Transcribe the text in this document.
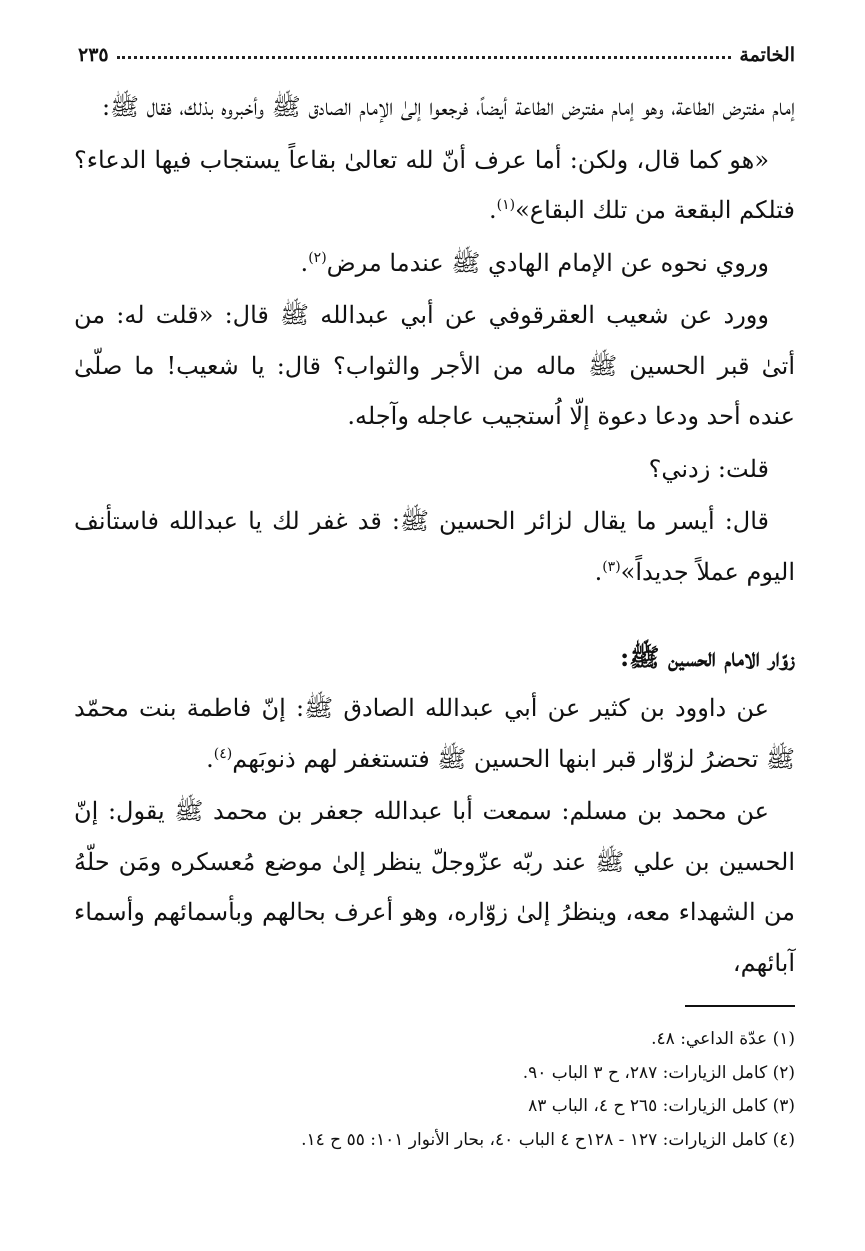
الخاتمة
٢٣٥

إمام مفترض الطاعة، وهو إمام مفترض الطاعة أيضاً، فرجعوا إلىٰ الإمام الصادق ﷺ وأخبروه بذلك، فقال ﷺ:

«هو كما قال، ولكن: أما عرف أنّ لله تعالىٰ بقاعاً يستجاب فيها الدعاء؟ فتلكم البقعة من تلك البقاع»$^{(١)}$.

وروي نحوه عن الإمام الهادي ﷺ عندما مرض$^{(٢)}$.

وورد عن شعيب العقرقوفي عن أبي عبدالله ﷺ قال: «قلت له: من أتىٰ قبر الحسين ﷺ ماله من الأجر والثواب؟ قال: يا شعيب! ما صلّىٰ عنده أحد ودعا دعوة إلّا اُستجيب عاجله وآجله.

قلت: زدني؟

قال: أيسر ما يقال لزائر الحسين ﷺ: قد غفر لك يا عبدالله فاستأنف اليوم عملاً جديداً»$^{(٣)}$.

زوّار الامام الحسين ﷺ:

عن داوود بن كثير عن أبي عبدالله الصادق ﷺ: إنّ فاطمة بنت محمّد ﷺ تحضرُ لزوّار قبر ابنها الحسين ﷺ فتستغفر لهم ذنوبَهم$^{(٤)}$.

عن محمد بن مسلم: سمعت أبا عبدالله جعفر بن محمد ﷺ يقول: إنّ الحسين بن علي ﷺ عند ربّه عزّوجلّ ينظر إلىٰ موضع مُعسكره ومَن حلّهُ من الشهداء معه، وينظرُ إلىٰ زوّاره، وهو أعرف بحالهم وبأسمائهم وأسماء آبائهم،

(١) عدّة الداعي: ٤٨.
(٢) كامل الزيارات: ٢٨٧، ح ٣ الباب ٩٠.
(٣) كامل الزيارات: ٢٦٥ ح ٤، الباب ٨٣
(٤) كامل الزيارات: ١٢٧ - ١٢٨ح ٤ الباب ٤٠، بحار الأنوار ١٠١: ٥٥ ح ١٤.
